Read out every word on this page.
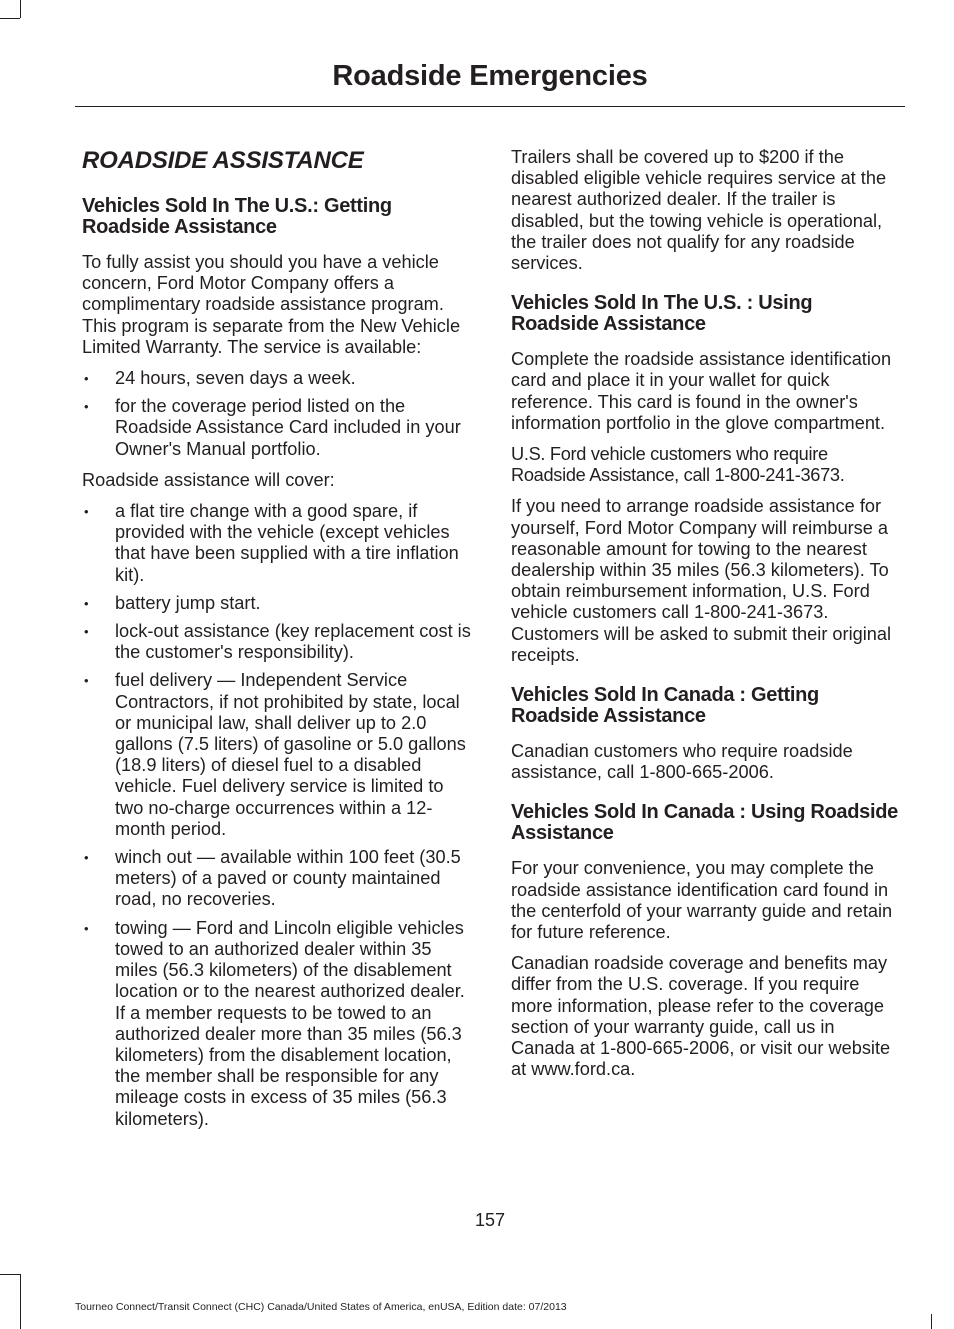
Roadside Emergencies
ROADSIDE ASSISTANCE
Vehicles Sold In The U.S.: Getting Roadside Assistance

To fully assist you should you have a vehicle concern, Ford Motor Company offers a complimentary roadside assistance program. This program is separate from the New Vehicle Limited Warranty. The service is available:

• 24 hours, seven days a week.
• for the coverage period listed on the Roadside Assistance Card included in your Owner's Manual portfolio.

Roadside assistance will cover:

• a flat tire change with a good spare, if provided with the vehicle (except vehicles that have been supplied with a tire inflation kit).
• battery jump start.
• lock-out assistance (key replacement cost is the customer's responsibility).
• fuel delivery — Independent Service Contractors, if not prohibited by state, local or municipal law, shall deliver up to 2.0 gallons (7.5 liters) of gasoline or 5.0 gallons (18.9 liters) of diesel fuel to a disabled vehicle. Fuel delivery service is limited to two no-charge occurrences within a 12-month period.
• winch out — available within 100 feet (30.5 meters) of a paved or county maintained road, no recoveries.
• towing — Ford and Lincoln eligible vehicles towed to an authorized dealer within 35 miles (56.3 kilometers) of the disablement location or to the nearest authorized dealer. If a member requests to be towed to an authorized dealer more than 35 miles (56.3 kilometers) from the disablement location, the member shall be responsible for any mileage costs in excess of 35 miles (56.3 kilometers).

Trailers shall be covered up to $200 if the disabled eligible vehicle requires service at the nearest authorized dealer. If the trailer is disabled, but the towing vehicle is operational, the trailer does not qualify for any roadside services.

Vehicles Sold In The U.S. : Using Roadside Assistance

Complete the roadside assistance identification card and place it in your wallet for quick reference. This card is found in the owner's information portfolio in the glove compartment.

U.S. Ford vehicle customers who require Roadside Assistance, call 1-800-241-3673.

If you need to arrange roadside assistance for yourself, Ford Motor Company will reimburse a reasonable amount for towing to the nearest dealership within 35 miles (56.3 kilometers). To obtain reimbursement information, U.S. Ford vehicle customers call 1-800-241-3673. Customers will be asked to submit their original receipts.

Vehicles Sold In Canada : Getting Roadside Assistance

Canadian customers who require roadside assistance, call 1-800-665-2006.

Vehicles Sold In Canada : Using Roadside Assistance

For your convenience, you may complete the roadside assistance identification card found in the centerfold of your warranty guide and retain for future reference.

Canadian roadside coverage and benefits may differ from the U.S. coverage. If you require more information, please refer to the coverage section of your warranty guide, call us in Canada at 1-800-665-2006, or visit our website at www.ford.ca.

157
Tourneo Connect/Transit Connect (CHC) Canada/United States of America, enUSA, Edition date: 07/2013
